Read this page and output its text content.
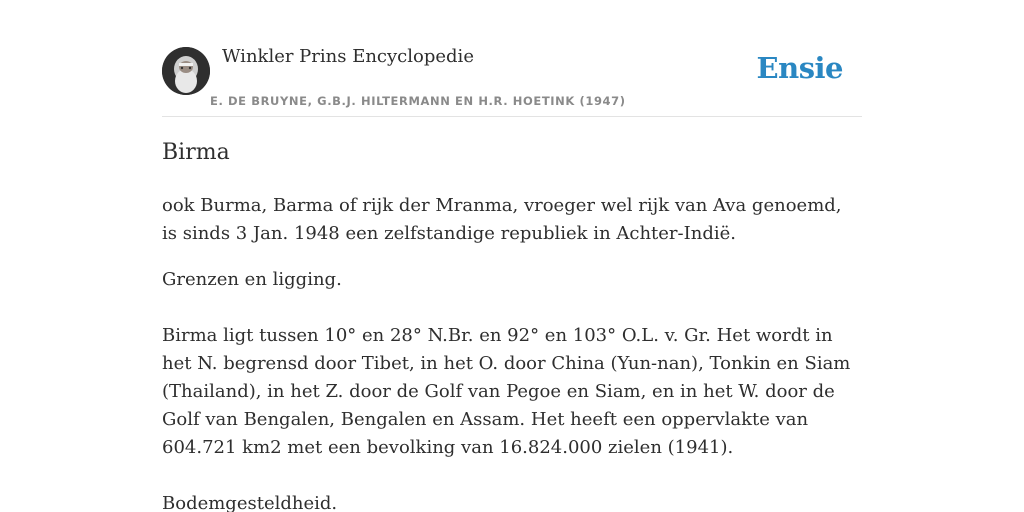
Winkler Prins Encyclopedie
E. DE BRUYNE, G.B.J. HILTERMANN EN H.R. HOETINK (1947)
Ensie
Birma

ook Burma, Barma of rijk der Mranma, vroeger wel rijk van Ava genoemd, is sinds 3 Jan. 1948 een zelfstandige republiek in Achter-Indië.

Grenzen en ligging.

Birma ligt tussen 10° en 28° N.Br. en 92° en 103° O.L. v. Gr. Het wordt in het N. begrensd door Tibet, in het O. door China (Yun-nan), Tonkin en Siam (Thailand), in het Z. door de Golf van Pegoe en Siam, en in het W. door de Golf van Bengalen, Bengalen en Assam. Het heeft een oppervlakte van 604.721 km2 met een bevolking van 16.824.000 zielen (1941).

Bodemgesteldheid.
